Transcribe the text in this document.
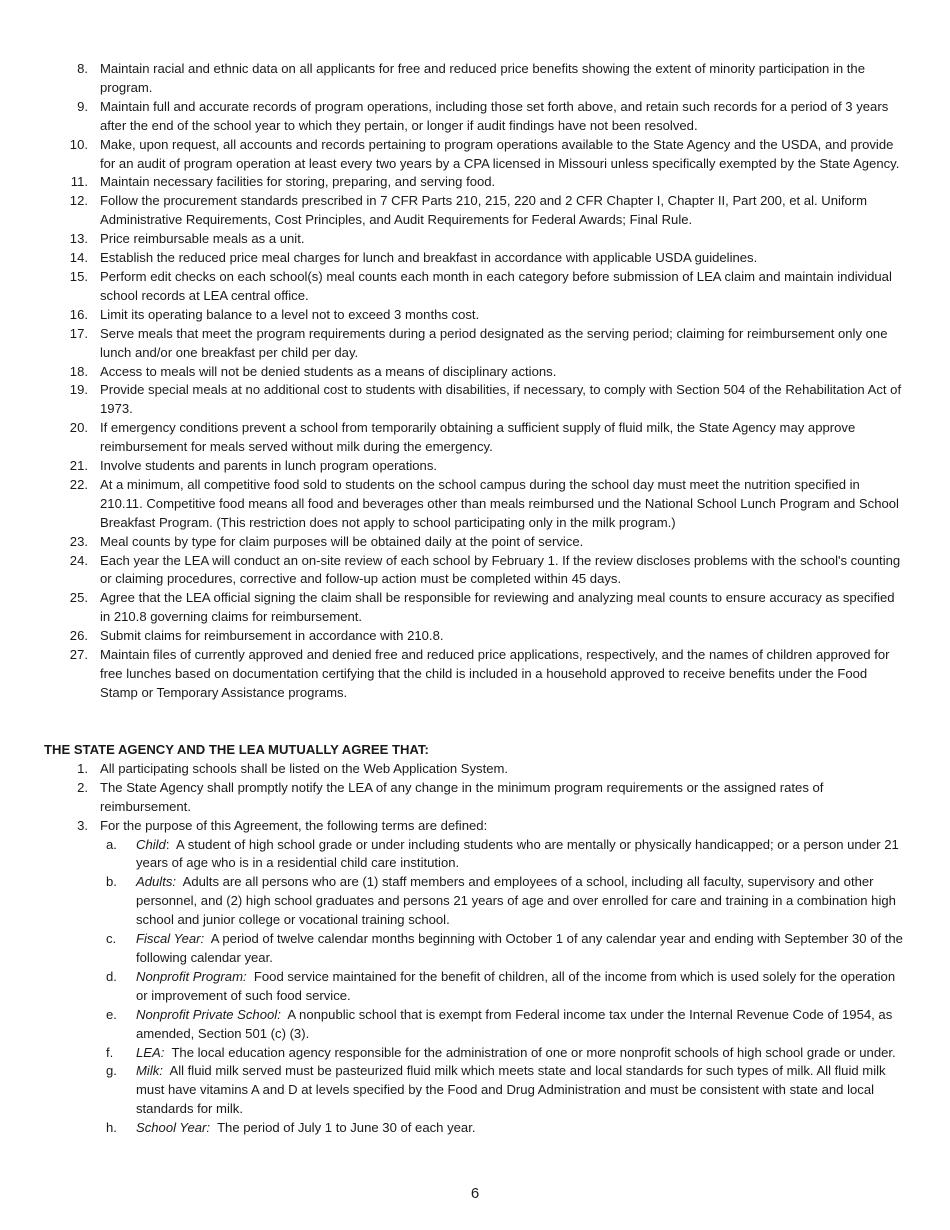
8. Maintain racial and ethnic data on all applicants for free and reduced price benefits showing the extent of minority participation in the program.
9. Maintain full and accurate records of program operations, including those set forth above, and retain such records for a period of 3 years after the end of the school year to which they pertain, or longer if audit findings have not been resolved.
10. Make, upon request, all accounts and records pertaining to program operations available to the State Agency and the USDA, and provide for an audit of program operation at least every two years by a CPA licensed in Missouri unless specifically exempted by the State Agency.
11. Maintain necessary facilities for storing, preparing, and serving food.
12. Follow the procurement standards prescribed in 7 CFR Parts 210, 215, 220 and 2 CFR Chapter I, Chapter II, Part 200, et al. Uniform Administrative Requirements, Cost Principles, and Audit Requirements for Federal Awards; Final Rule.
13. Price reimbursable meals as a unit.
14. Establish the reduced price meal charges for lunch and breakfast in accordance with applicable USDA guidelines.
15. Perform edit checks on each school(s) meal counts each month in each category before submission of LEA claim and maintain individual school records at LEA central office.
16. Limit its operating balance to a level not to exceed 3 months cost.
17. Serve meals that meet the program requirements during a period designated as the serving period; claiming for reimbursement only one lunch and/or one breakfast per child per day.
18. Access to meals will not be denied students as a means of disciplinary actions.
19. Provide special meals at no additional cost to students with disabilities, if necessary, to comply with Section 504 of the Rehabilitation Act of 1973.
20. If emergency conditions prevent a school from temporarily obtaining a sufficient supply of fluid milk, the State Agency may approve reimbursement for meals served without milk during the emergency.
21. Involve students and parents in lunch program operations.
22. At a minimum, all competitive food sold to students on the school campus during the school day must meet the nutrition specified in 210.11. Competitive food means all food and beverages other than meals reimbursed und the National School Lunch Program and School Breakfast Program. (This restriction does not apply to school participating only in the milk program.)
23. Meal counts by type for claim purposes will be obtained daily at the point of service.
24. Each year the LEA will conduct an on-site review of each school by February 1. If the review discloses problems with the school's counting or claiming procedures, corrective and follow-up action must be completed within 45 days.
25. Agree that the LEA official signing the claim shall be responsible for reviewing and analyzing meal counts to ensure accuracy as specified in 210.8 governing claims for reimbursement.
26. Submit claims for reimbursement in accordance with 210.8.
27. Maintain files of currently approved and denied free and reduced price applications, respectively, and the names of children approved for free lunches based on documentation certifying that the child is included in a household approved to receive benefits under the Food Stamp or Temporary Assistance programs.
THE STATE AGENCY AND THE LEA MUTUALLY AGREE THAT:
1. All participating schools shall be listed on the Web Application System.
2. The State Agency shall promptly notify the LEA of any change in the minimum program requirements or the assigned rates of reimbursement.
3. For the purpose of this Agreement, the following terms are defined:
a. Child:  A student of high school grade or under including students who are mentally or physically handicapped; or a person under 21 years of age who is in a residential child care institution.
b. Adults: Adults are all persons who are (1) staff members and employees of a school, including all faculty, supervisory and other personnel, and (2) high school graduates and persons 21 years of age and over enrolled for care and training in a combination high school and junior college or vocational training school.
c. Fiscal Year: A period of twelve calendar months beginning with October 1 of any calendar year and ending with September 30 of the following calendar year.
d. Nonprofit Program: Food service maintained for the benefit of children, all of the income from which is used solely for the operation or improvement of such food service.
e. Nonprofit Private School: A nonpublic school that is exempt from Federal income tax under the Internal Revenue Code of 1954, as amended, Section 501 (c) (3).
f. LEA: The local education agency responsible for the administration of one or more nonprofit schools of high school grade or under.
g. Milk: All fluid milk served must be pasteurized fluid milk which meets state and local standards for such types of milk. All fluid milk must have vitamins A and D at levels specified by the Food and Drug Administration and must be consistent with state and local standards for milk.
h. School Year: The period of July 1 to June 30 of each year.
6
